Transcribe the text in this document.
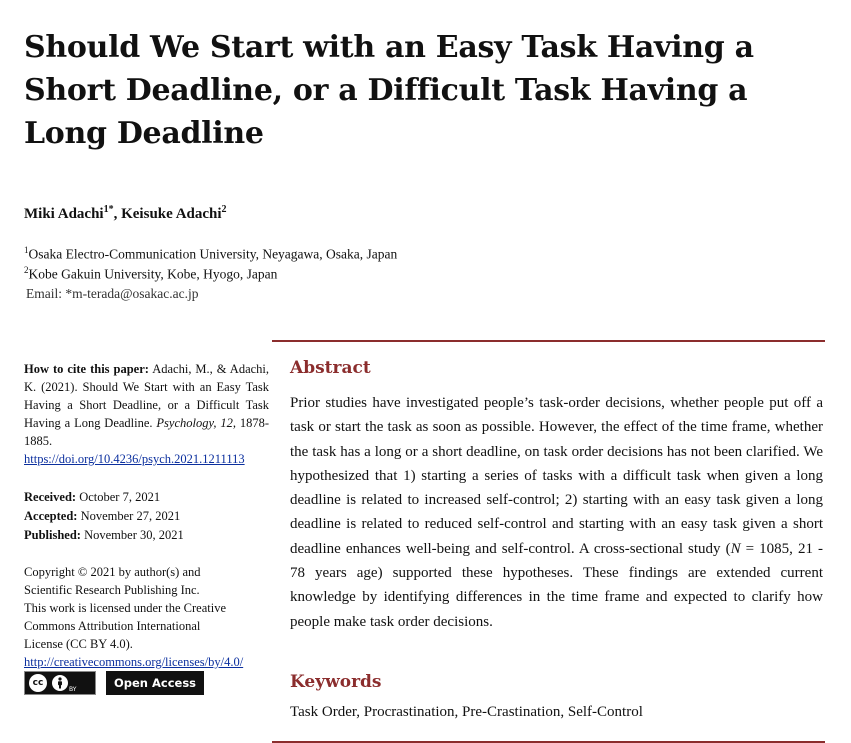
Should We Start with an Easy Task Having a Short Deadline, or a Difficult Task Having a Long Deadline
Miki Adachi$^{1*}$, Keisuke Adachi$^2$
$^1$Osaka Electro-Communication University, Neyagawa, Osaka, Japan
$^2$Kobe Gakuin University, Kobe, Hyogo, Japan
Email: *m-terada@osakac.ac.jp
How to cite this paper: Adachi, M., & Adachi, K. (2021). Should We Start with an Easy Task Having a Short Deadline, or a Difficult Task Having a Long Deadline. Psychology, 12, 1878-1885.
https://doi.org/10.4236/psych.2021.1211113
Received: October 7, 2021
Accepted: November 27, 2021
Published: November 30, 2021
Copyright © 2021 by author(s) and
Scientific Research Publishing Inc.
This work is licensed under the Creative
Commons Attribution International
License (CC BY 4.0).
http://creativecommons.org/licenses/by/4.0/
cc
BY	Open Access
Abstract
Prior studies have investigated people’s task-order decisions, whether people put off a task or start the task as soon as possible. However, the effect of the time frame, whether the task has a long or a short deadline, on task order decisions has not been clarified. We hypothesized that 1) starting a series of tasks with a difficult task when given a long deadline is related to increased self-control; 2) starting with an easy task given a long deadline is related to reduced self-control and starting with an easy task given a short deadline enhances well-being and self-control. A cross-sectional study (N = 1085, 21 - 78 years age) supported these hypotheses. These findings are extended current knowledge by identifying differences in the time frame and expected to clarify how people make task order decisions.
Keywords
Task Order, Procrastination, Pre-Crastination, Self-Control
